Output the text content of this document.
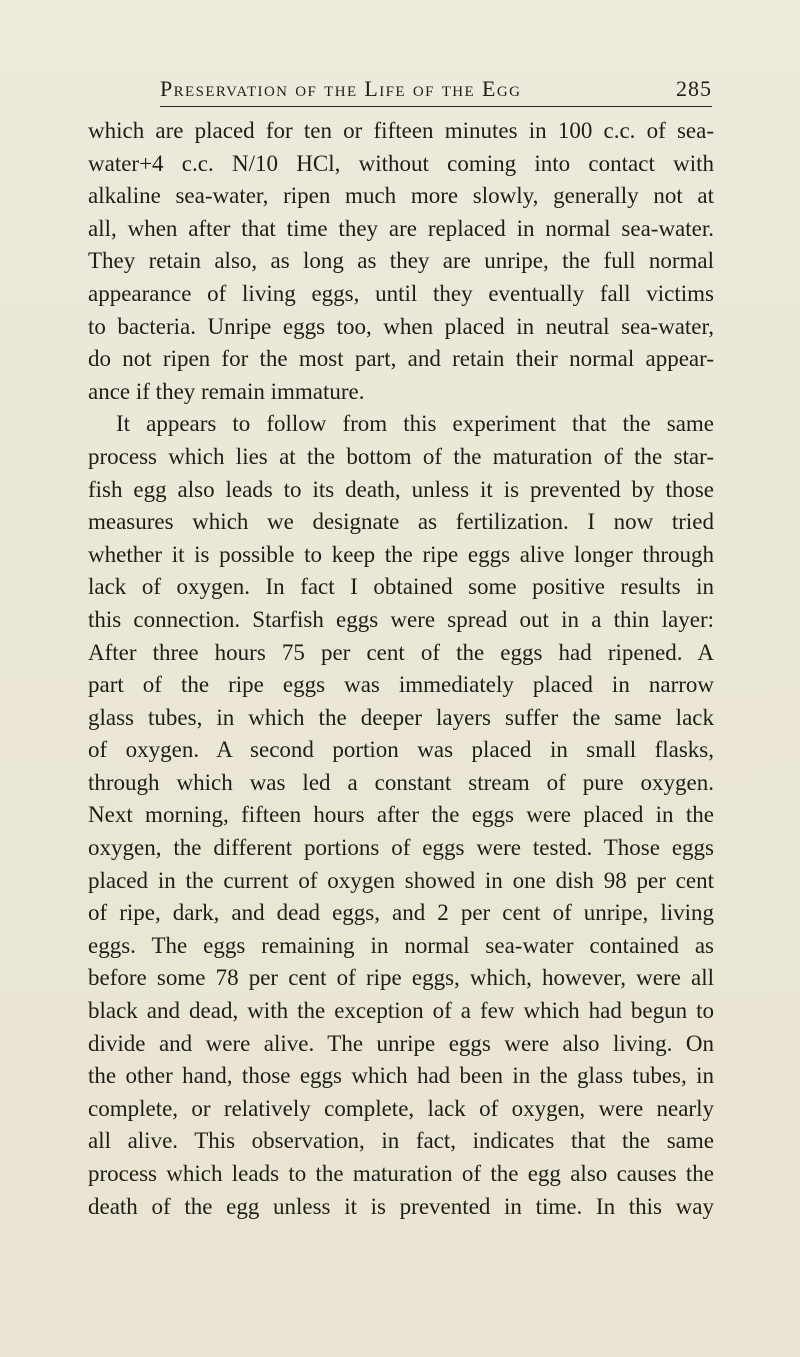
Preservation of the Life of the Egg	285
which are placed for ten or fifteen minutes in 100 c.c. of sea-
water+4 c.c. N/10 HCl, without coming into contact with
alkaline sea-water, ripen much more slowly, generally not at
all, when after that time they are replaced in normal sea-water.
They retain also, as long as they are unripe, the full normal
appearance of living eggs, until they eventually fall victims
to bacteria. Unripe eggs too, when placed in neutral sea-water,
do not ripen for the most part, and retain their normal appear-
ance if they remain immature.
It appears to follow from this experiment that the same
process which lies at the bottom of the maturation of the star-
fish egg also leads to its death, unless it is prevented by those
measures which we designate as fertilization. I now tried
whether it is possible to keep the ripe eggs alive longer through
lack of oxygen. In fact I obtained some positive results in
this connection. Starfish eggs were spread out in a thin layer:
After three hours 75 per cent of the eggs had ripened. A
part of the ripe eggs was immediately placed in narrow
glass tubes, in which the deeper layers suffer the same lack
of oxygen. A second portion was placed in small flasks,
through which was led a constant stream of pure oxygen.
Next morning, fifteen hours after the eggs were placed in the
oxygen, the different portions of eggs were tested. Those eggs
placed in the current of oxygen showed in one dish 98 per cent
of ripe, dark, and dead eggs, and 2 per cent of unripe, living
eggs. The eggs remaining in normal sea-water contained as
before some 78 per cent of ripe eggs, which, however, were all
black and dead, with the exception of a few which had begun to
divide and were alive. The unripe eggs were also living. On
the other hand, those eggs which had been in the glass tubes, in
complete, or relatively complete, lack of oxygen, were nearly
all alive. This observation, in fact, indicates that the same
process which leads to the maturation of the egg also causes the
death of the egg unless it is prevented in time. In this way
